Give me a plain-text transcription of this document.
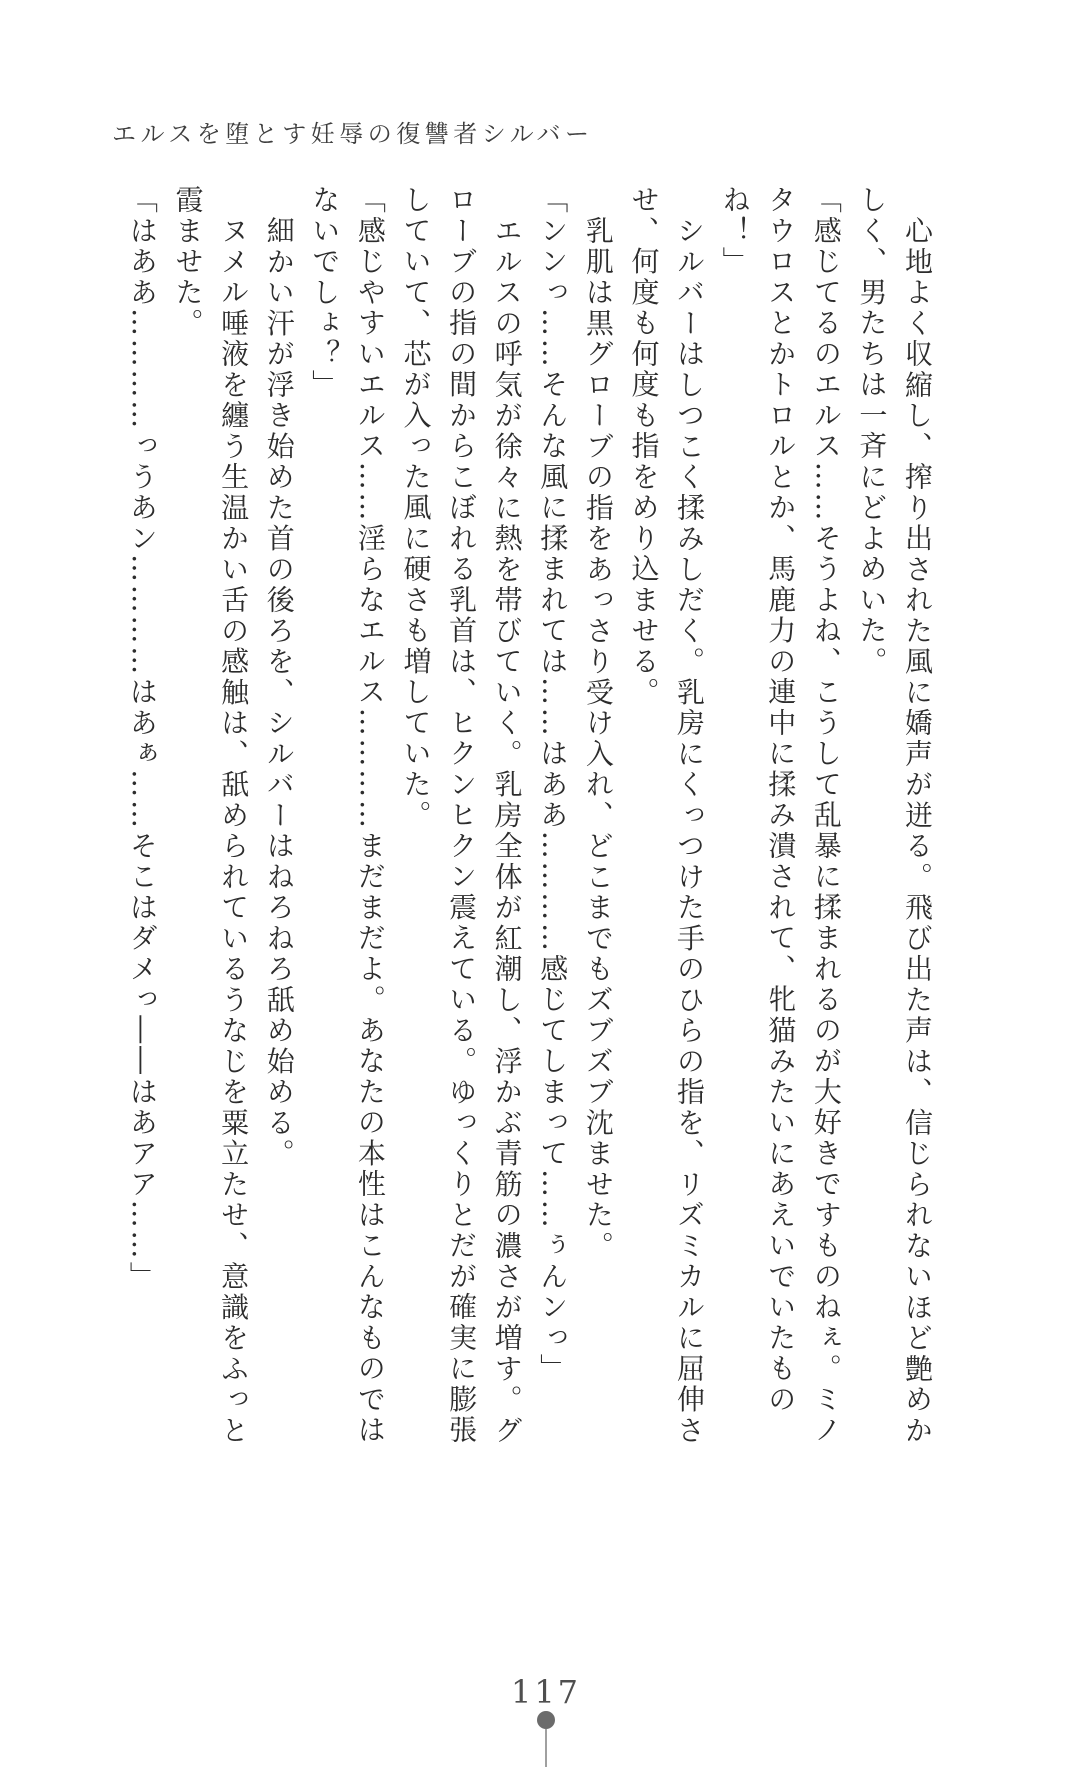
エルスを堕とす妊辱の復讐者シルバー

心地よく収縮し、搾り出された風に嬌声が迸る。飛び出た声は、信じられないほど艶めかしく、男たちは一斉にどよめいた。

「感じてるのエルス……そうよね、こうして乱暴に揉まれるのが大好きですものねぇ。ミノタウロスとかトロルとか、馬鹿力の連中に揉み潰されて、牝猫みたいにあえいでいたものね！」

シルバーはしつこく揉みしだく。乳房にくっつけた手のひらの指を、リズミカルに屈伸させ、何度も何度も指をめり込ませる。

乳肌は黒グローブの指をあっさり受け入れ、どこまでもズブズブ沈ませた。

「ンンっ……そんな風に揉まれては……はああ…………感じてしまって……ぅんンっ」

エルスの呼気が徐々に熱を帯びていく。乳房全体が紅潮し、浮かぶ青筋の濃さが増す。グローブの指の間からこぼれる乳首は、ヒクンヒクン震えている。ゆっくりとだが確実に膨張していて、芯が入った風に硬さも増していた。

「感じやすいエルス……淫らなエルス…………まだまだよ。あなたの本性はこんなものではないでしょ？」

細かい汗が浮き始めた首の後ろを、シルバーはねろねろ舐め始める。

ヌメル唾液を纏う生温かい舌の感触は、舐められているうなじを粟立たせ、意識をふっと霞ませた。

「はああ…………っうあン…………はあぁ……そこはダメっ――はあアア……」

117
